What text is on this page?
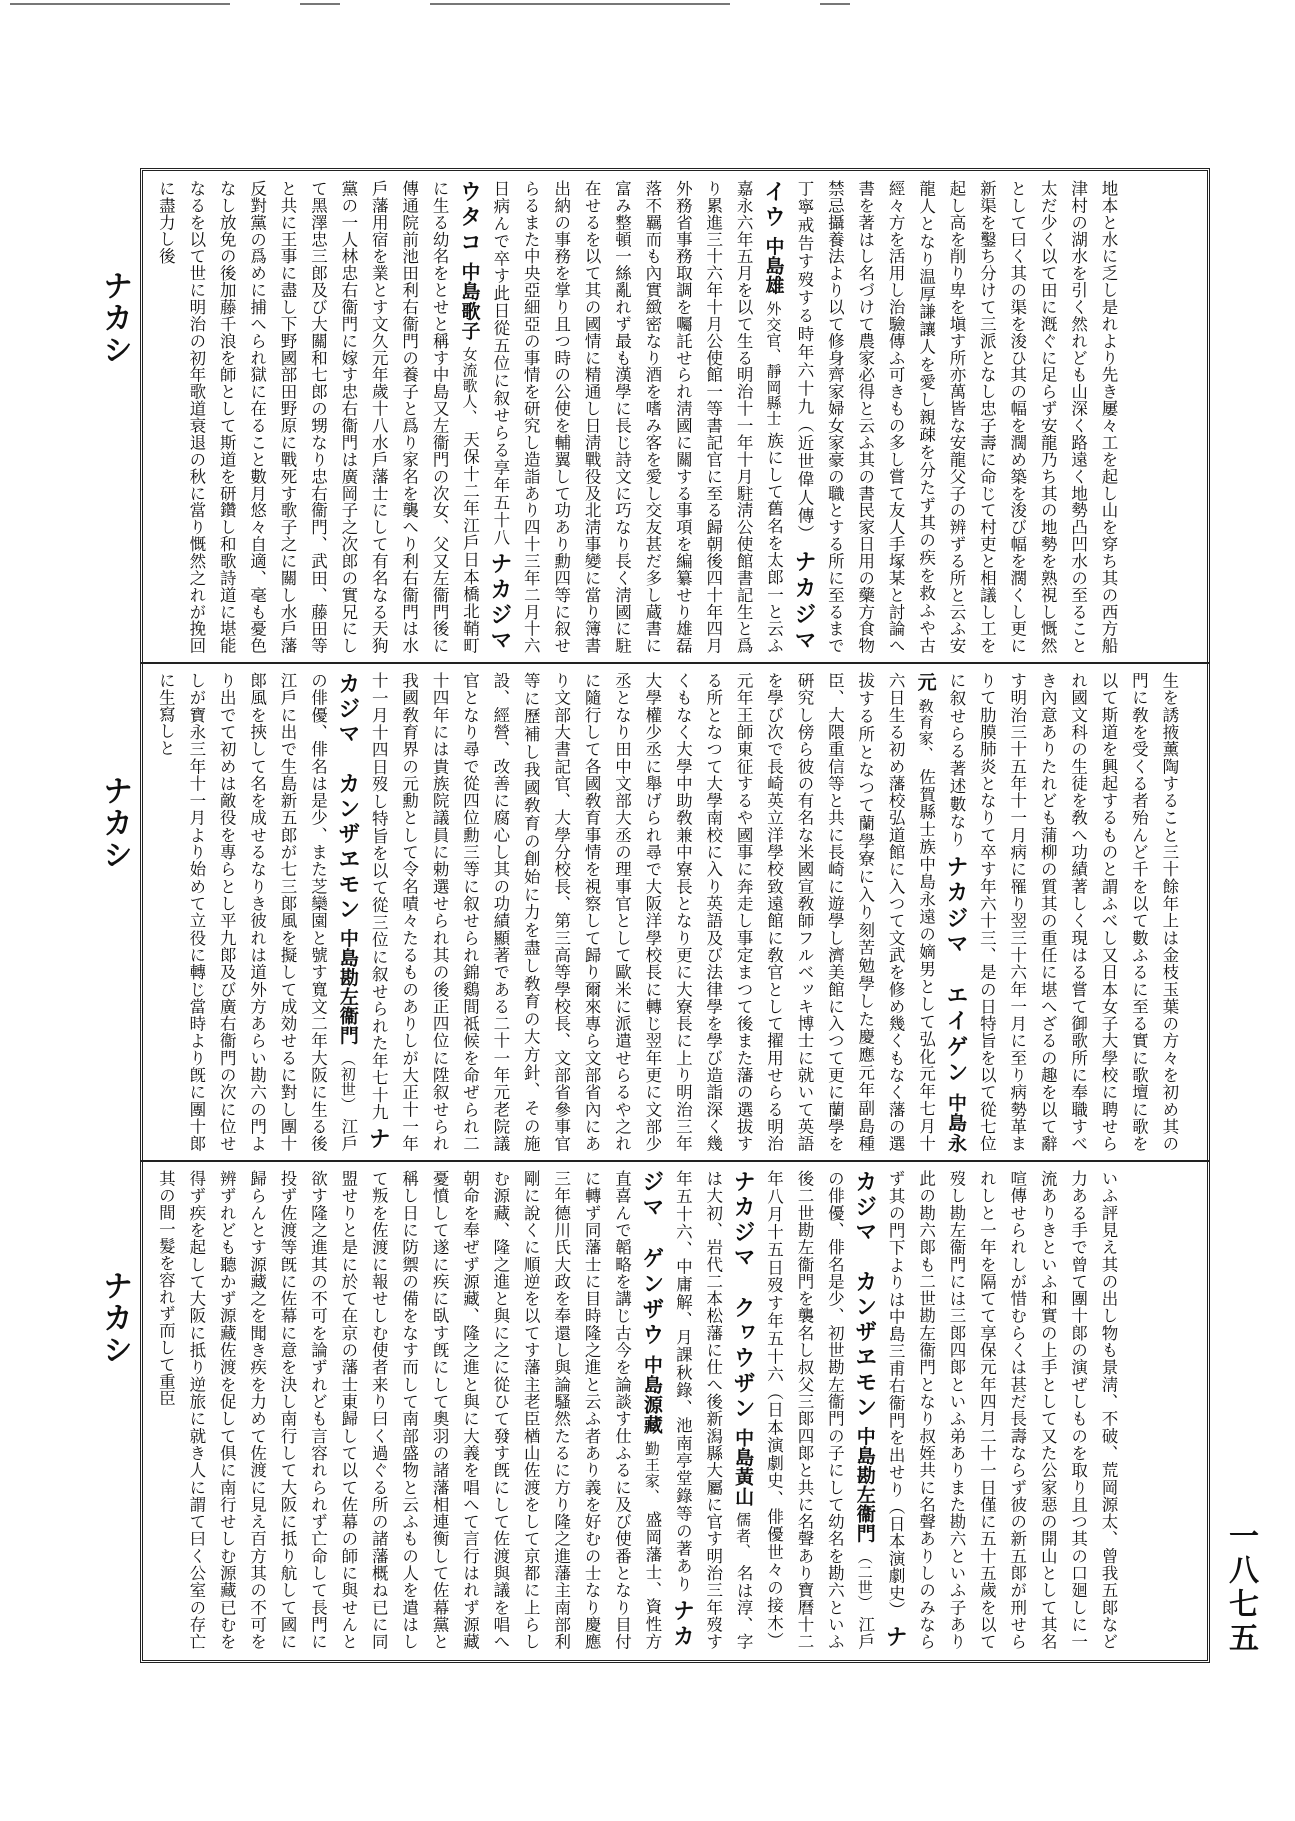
ナカシ
ナカシ
ナカシ
一八七五
地本と水に乏し是れより先き屢々工を起し山を穿ち其の西方船津村の湖水を引く然れども山深く路遠く地勢凸凹水の至ること太だ少く以て田に漑ぐに足らず安龍乃ち其の地勢を熟視し慨然として曰く其の渠を浚ひ其の幅を濶め築を浚び幅を濶くし更に新渠を鑿ち分けて三派となし忠子壽に命じて村吏と相議し工を起し高を削り卑を塡す所亦萬皆な安龍父子の辨ずる所と云ふ安龍人となり温厚謙讓人を愛し親疎を分たず其の疾を救ふや古經々方を活用し治驗傳ふ可きもの多し嘗て友人手塚某と討論へ書を著はし名づけて農家必得と云ふ其の書民家日用の藥方食物禁忌攝養法より以て修身齊家婦女家豪の職とする所に至るまで丁寧戒告す歿する時年六十九（近世偉人傳） ナカジマ　イウ 中島雄 外交官、靜岡縣士 族にして舊名を太郎一と云ふ嘉永六年五月を以て生る明治十一年十月駐淸公使館書記生と爲り累進三十六年十月公使館一等書記官に至る歸朝後四十年四月外務省事務取調を囑託せられ淸國に關する事項を編纂せり雄磊落不羈而も內實緻密なり酒を嗜み客を愛し交友甚だ多し蔵書に富み整頓一絲亂れず最も漢學に長じ詩文に巧なり長く淸國に駐在せるを以て其の國情に精通し日淸戰役及北淸事變に當り簿書出納の事務を掌り且つ時の公使を輔翼して功あり勳四等に叙せらるまた中央亞細亞の事情を研究し造詣あり四十三年二月十六日病んで卒す此日從五位に叙せらる享年五十八 ナカジマ　ウタコ 中島歌子 女流歌人、 天保十二年江戶日本橋北鞘町に生る幼名をとせと稱す中島又左衞門の次女、父又左衞門後に傳通院前池田利右衞門の養子と爲り家名を襲へり利右衞門は水戶藩用宿を業とす文久元年歲十八水戶藩士にして有名なる天狗黨の一人林忠右衞門に嫁す忠右衞門は廣岡子之次郎の實兄にして黑澤忠三郎及び大關和七郎の甥なり忠右衞門、武田、藤田等と共に王事に盡し下野國部田野原に戰死す歌子之に關し水戶藩反對黨の爲めに捕へられ獄に在ること數月悠々自適、毫も憂色なし放免の後加藤千浪を師として斯道を研鑽し和歌詩道に堪能なるを以て世に明治の初年歌道衰退の秋に當り慨然之れが挽回に盡力し後
生を誘掖薰陶すること三十餘年上は金枝玉葉の方々を初め其の門に敎を受くる者殆んど千を以て數ふるに至る實に歌壇に歌を以て斯道を興起するものと謂ふべし又日本女子大學校に聘せられ國文科の生徒を敎へ功績著しく現はる嘗て御歌所に奉職すべき內意ありたれども蒲柳の質其の重任に堪へざるの趣を以て辭す明治三十五年十一月病に罹り翌三十六年一月に至り病勢革まりて肋膜肺炎となりて卒す年六十三、是の日特旨を以て從七位に叙せらる著述數なり ナカジマ　エイゲン 中島永元 敎育家、 佐賀縣士族中島永遠の嫡男として弘化元年七月十六日生る初め藩校弘道館に入つて文武を修め幾くもなく藩の選拔する所となつて蘭學寮に入り刻苦勉學した慶應元年副島種臣、大隈重信等と共に長崎に遊學し濟美館に入つて更に蘭學を硏究し傍ら彼の有名な米國宣敎師フルベッキ博士に就いて英語を學び次で長崎英立洋學校致遠館に敎官として擢用せらる明治元年王師東征するや國事に奔走し事定まつて後また藩の選拔する所となつて大學南校に入り英語及び法律學を學び造詣深く幾くもなく大學中助敎兼中寮長となり更に大寮長に上り明治三年大學權少丞に舉げられ尋で大阪洋學校長に轉じ翌年更に文部少丞となり田中文部大丞の理事官として歐米に派遣せらるや之れに隨行して各國敎育事情を視察して歸り爾來專ら文部省內にあり文部大書記官、大學分校長、第三高等學校長、文部省參事官等に歷補し我國敎育の創始に力を盡し敎育の大方針、その施設、經營、改善に腐心し其の功績顯著である二十一年元老院議官となり尋で從四位勳三等に叙せられ錦鷄間祗候を命ぜられ二十四年には貴族院議員に勅選せられ其の後正四位に陞叙せられ我國敎育界の元勳として令名嘖々たるものありしが大正十一年十一月十四日歿し特旨を以て從三位に叙せられた年七十九 ナカジマ　カンザヱモン 中島勘左衞門 （初世） 江戶の俳優、俳名は是少、また芝欒園と號す寬文二年大阪に生る後江戶に出で生島新五郎が七三郞風を擬して成効せるに對し團十郞風を挾して名を成せるなりき彼れは道外方あらい勘六の門より出でて初めは敵役を專らとし平九郞及び廣右衞門の次に位せしが寶永三年十一月より始めて立役に轉じ當時より旣に團十郞に生寫しと
いふ評見え其の出し物も景淸、不破、荒岡源太、曾我五郞など力ある手で曾て團十郞の演ぜしものを取り且つ其の口廻しに一流ありきといふ和實の上手として又た公家惡の開山として其名喧傳せられしが惜むらくは甚だ長壽ならず彼の新五郞が刑せられしと一年を隔てて享保元年四月二十一日僅に五十五歲を以て歿し勘左衞門には三郞四郞といふ弟ありまた勘六といふ子あり此の勘六郞も二世勘左衞門となり叔姪共に名聲ありしのみならず其の門下よりは中島三甫右衞門を出せり（日本演劇史） ナカジマ　カンザヱモン 中島勘左衞門 （二世） 江戶の俳優、俳名是少、初世勘左衞門の子にして幼名を勘六といふ後二世勘左衞門を襲名し叔父三郞四郞と共に名聲あり寶曆十二年八月十五日歿す年五十六（日本演劇史、俳優世々の接木） ナカジマ　クヮウザン 中島黃山 儒者、 名は淳、字は大初、岩代二本松藩に仕へ後新潟縣大屬に官す明治三年歿す年五十六、中庸解、月課秋錄、池南亭堂錄等の著あり ナカジマ　ゲンザウ 中島源藏 勤王家、 盛岡藩士、資性方直喜んで韜略を講じ古今を論談す仕ふるに及び使番となり目付に轉ず同藩士に目時隆之進と云ふ者あり義を好むの士なり慶應三年德川氏大政を奉還し與論騷然たるに方り隆之進藩主南部利剛に說くに順逆を以てす藩主老臣楢山佐渡をして京都に上らしむ源藏、隆之進と與に之に從ひて發す旣にして佐渡與議を唱へ朝命を奉ぜず源藏、隆之進と與に大義を唱へて言行はれず源藏憂憤して遂に疾に臥す旣にして奧羽の諸藩相連衡して佐幕黨と稱し日に防禦の備をなす而して南部盛物と云ふもの人を遣はして叛を佐渡に報せしむ使者来り曰く過ぐる所の諸藩概ね已に同盟せりと是に於て在京の藩士東歸して以て佐幕の師に與せんと欲す隆之進其の不可を論ずれども言容れられず亡命して長門に投ず佐渡等旣に佐幕に意を決し南行して大阪に抵り航して國に歸らんとす源藏之を聞き疾を力めて佐渡に見え百方其の不可を辨ずれども聽かず源藏佐渡を促して俱に南行せしむ源藏已むを得ず疾を起して大阪に抵り逆旅に就き人に謂て曰く公室の存亡其の間一髮を容れず而して重臣
